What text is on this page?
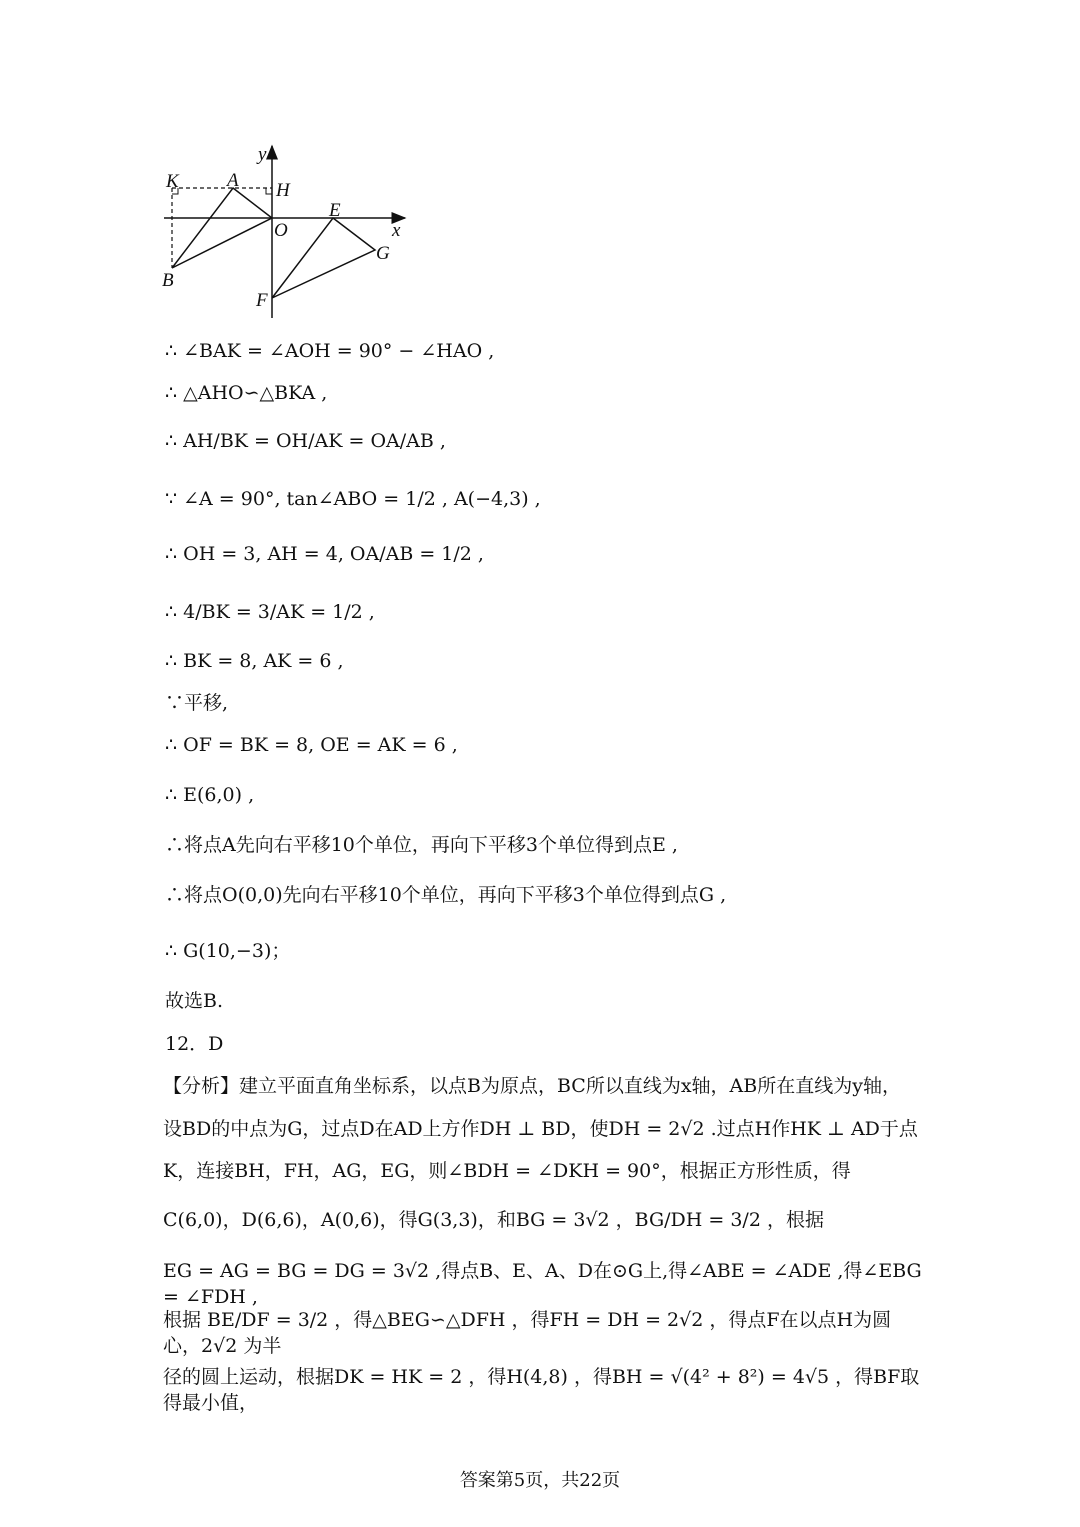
y
K	A H
O
E
x
G
B
F
∴ ∠BAK = ∠AOH = 90° − ∠HAO ,
∴ △AHO∽△BKA ,
∴ AH/BK = OH/AK = OA/AB ,
∵ ∠A = 90°, tan∠ABO = 1/2 , A(−4,3) ,
∴ OH = 3, AH = 4, OA/AB = 1/2 ,
∴ 4/BK = 3/AK = 1/2 ,
∴ BK = 8, AK = 6 ,
∵平移,
∴ OF = BK = 8, OE = AK = 6 ,
∴ E(6,0) ,
∴将点A先向右平移10个单位，再向下平移3个单位得到点E ,
∴将点O(0,0)先向右平移10个单位，再向下平移3个单位得到点G ,
∴ G(10,−3)；
故选B.
12．D
【分析】建立平面直角坐标系，以点B为原点，BC所以直线为x轴，AB所在直线为y轴，
设BD的中点为G，过点D在AD上方作DH ⊥ BD，使DH = 2√2 .过点H作HK ⊥ AD于点
K，连接BH，FH，AG，EG，则∠BDH = ∠DKH = 90°，根据正方形性质，得
C(6,0)，D(6,6)，A(0,6)，得G(3,3)，和BG = 3√2 ，BG/DH = 3/2 ，根据
EG = AG = BG = DG = 3√2 ,得点B、E、A、D在⊙G上,得∠ABE = ∠ADE ,得∠EBG = ∠FDH ,
根据 BE/DF = 3/2 ，得△BEG∽△DFH ，得FH = DH = 2√2 ，得点F在以点H为圆心，2√2 为半
径的圆上运动，根据DK = HK = 2 ，得H(4,8) ，得BH = √(4² + 8²) = 4√5 ，得BF取得最小值，
答案第5页，共22页
